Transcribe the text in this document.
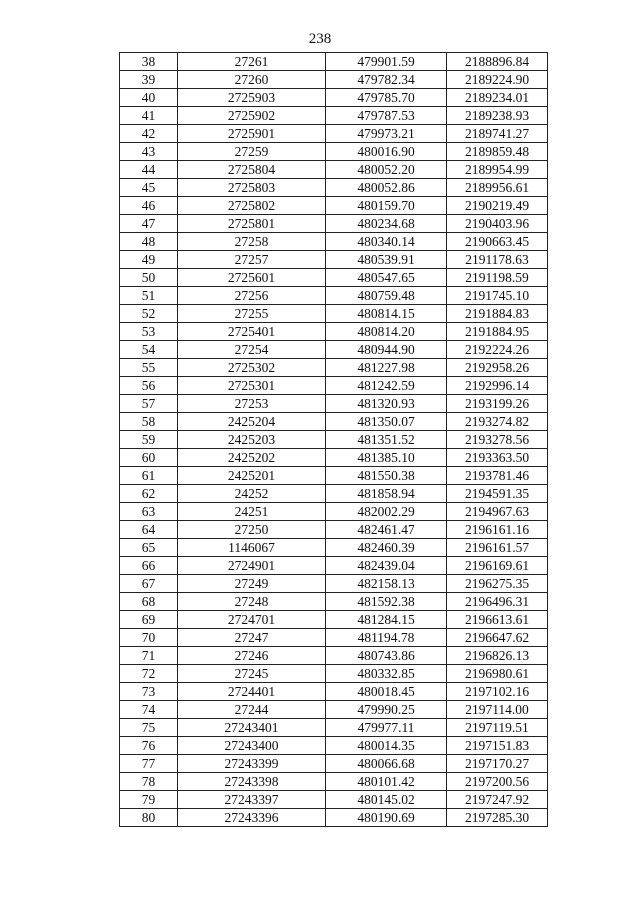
238
38	27261	479901.59	2188896.84
39	27260	479782.34	2189224.90
40	2725903	479785.70	2189234.01
41	2725902	479787.53	2189238.93
42	2725901	479973.21	2189741.27
43	27259	480016.90	2189859.48
44	2725804	480052.20	2189954.99
45	2725803	480052.86	2189956.61
46	2725802	480159.70	2190219.49
47	2725801	480234.68	2190403.96
48	27258	480340.14	2190663.45
49	27257	480539.91	2191178.63
50	2725601	480547.65	2191198.59
51	27256	480759.48	2191745.10
52	27255	480814.15	2191884.83
53	2725401	480814.20	2191884.95
54	27254	480944.90	2192224.26
55	2725302	481227.98	2192958.26
56	2725301	481242.59	2192996.14
57	27253	481320.93	2193199.26
58	2425204	481350.07	2193274.82
59	2425203	481351.52	2193278.56
60	2425202	481385.10	2193363.50
61	2425201	481550.38	2193781.46
62	24252	481858.94	2194591.35
63	24251	482002.29	2194967.63
64	27250	482461.47	2196161.16
65	1146067	482460.39	2196161.57
66	2724901	482439.04	2196169.61
67	27249	482158.13	2196275.35
68	27248	481592.38	2196496.31
69	2724701	481284.15	2196613.61
70	27247	481194.78	2196647.62
71	27246	480743.86	2196826.13
72	27245	480332.85	2196980.61
73	2724401	480018.45	2197102.16
74	27244	479990.25	2197114.00
75	27243401	479977.11	2197119.51
76	27243400	480014.35	2197151.83
77	27243399	480066.68	2197170.27
78	27243398	480101.42	2197200.56
79	27243397	480145.02	2197247.92
80	27243396	480190.69	2197285.30
